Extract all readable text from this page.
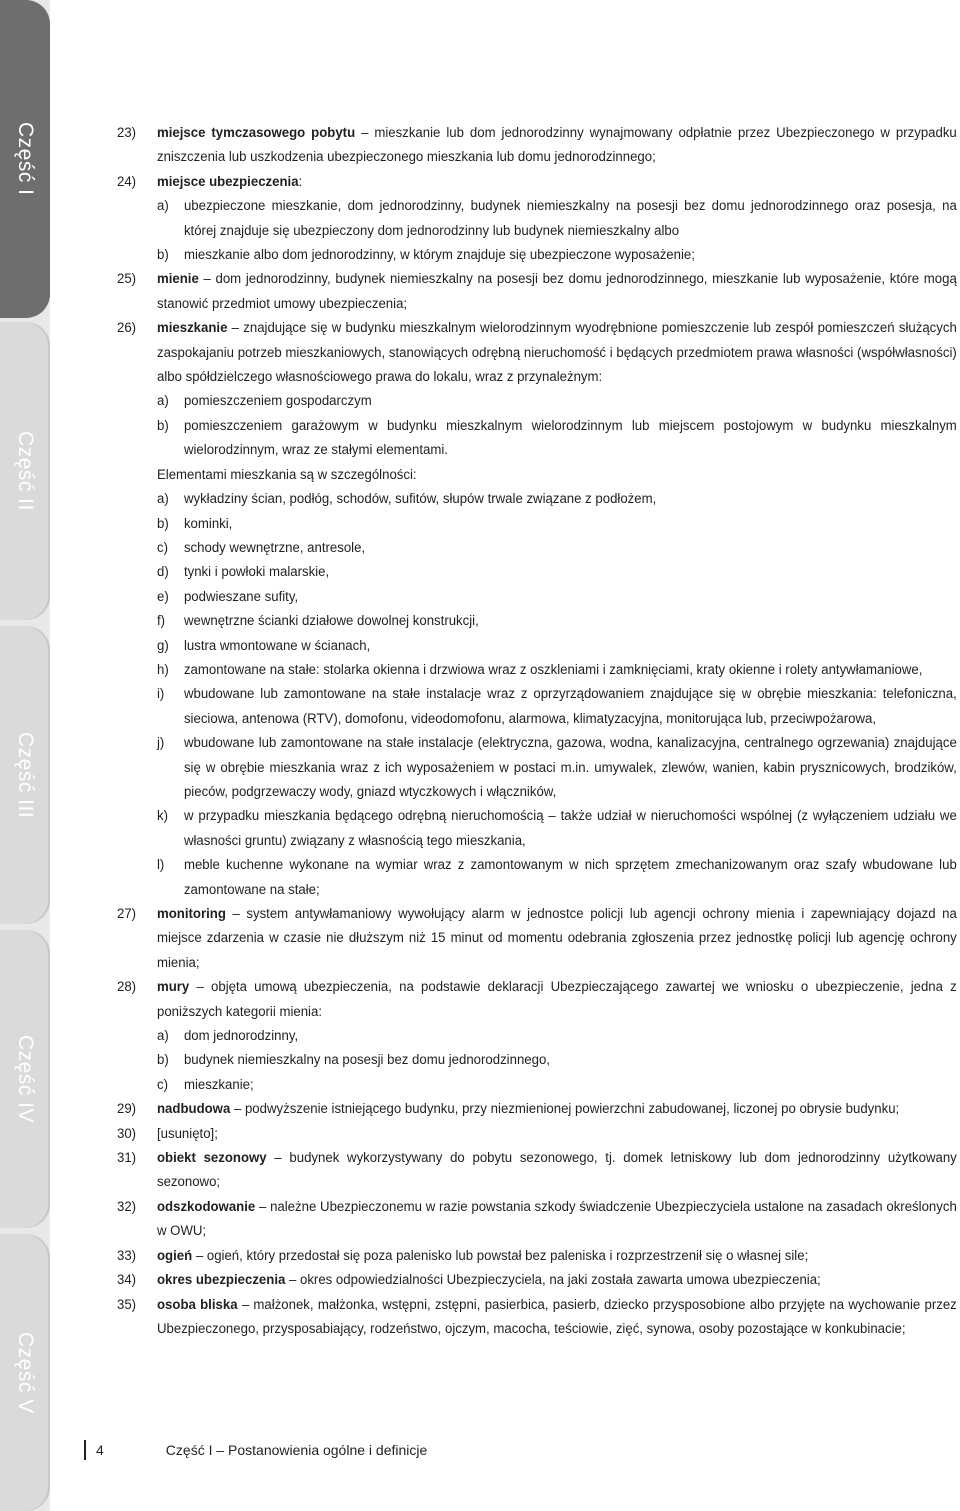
Część I
Część II
Część III
Część IV
Część V
23) miejsce tymczasowego pobytu – mieszkanie lub dom jednorodzinny wynajmowany odpłatnie przez Ubezpieczonego w przypadku zniszczenia lub uszkodzenia ubezpieczonego mieszkania lub domu jednorodzinnego;
24) miejsce ubezpieczenia:
a) ubezpieczone mieszkanie, dom jednorodzinny, budynek niemieszkalny na posesji bez domu jednorodzinnego oraz posesja, na której znajduje się ubezpieczony dom jednorodzinny lub budynek niemieszkalny albo
b) mieszkanie albo dom jednorodzinny, w którym znajduje się ubezpieczone wyposażenie;
25) mienie – dom jednorodzinny, budynek niemieszkalny na posesji bez domu jednorodzinnego, mieszkanie lub wyposażenie, które mogą stanowić przedmiot umowy ubezpieczenia;
26) mieszkanie – znajdujące się w budynku mieszkalnym wielorodzinnym wyodrębnione pomieszczenie lub zespół pomieszczeń służących zaspokajaniu potrzeb mieszkaniowych, stanowiących odrębną nieruchomość i będących przedmiotem prawa własności (współwłasności) albo spółdzielczego własnościowego prawa do lokalu, wraz z przynależnym:
a) pomieszczeniem gospodarczym
b) pomieszczeniem garażowym w budynku mieszkalnym wielorodzinnym lub miejscem postojowym w budynku mieszkalnym wielorodzinnym, wraz ze stałymi elementami.
Elementami mieszkania są w szczególności:
a) wykładziny ścian, podłóg, schodów, sufitów, słupów trwale związane z podłożem,
b) kominki,
c) schody wewnętrzne, antresole,
d) tynki i powłoki malarskie,
e) podwieszane sufity,
f) wewnętrzne ścianki działowe dowolnej konstrukcji,
g) lustra wmontowane w ścianach,
h) zamontowane na stałe: stolarka okienna i drzwiowa wraz z oszkleniami i zamknięciami, kraty okienne i rolety antywłamaniowe,
i) wbudowane lub zamontowane na stałe instalacje wraz z oprzyrządowaniem znajdujące się w obrębie mieszkania: telefoniczna, sieciowa, antenowa (RTV), domofonu, videodomofonu, alarmowa, klimatyzacyjna, monitorująca lub, przeciwpożarowa,
j) wbudowane lub zamontowane na stałe instalacje (elektryczna, gazowa, wodna, kanalizacyjna, centralnego ogrzewania) znajdujące się w obrębie mieszkania wraz z ich wyposażeniem w postaci m.in. umywalek, zlewów, wanien, kabin prysznicowych, brodzików, pieców, podgrzewaczy wody, gniazd wtyczkowych i włączników,
k) w przypadku mieszkania będącego odrębną nieruchomością – także udział w nieruchomości wspólnej (z wyłączeniem udziału we własności gruntu) związany z własnością tego mieszkania,
l) meble kuchenne wykonane na wymiar wraz z zamontowanym w nich sprzętem zmechanizowanym oraz szafy wbudowane lub zamontowane na stałe;
27) monitoring – system antywłamaniowy wywołujący alarm w jednostce policji lub agencji ochrony mienia i zapewniający dojazd na miejsce zdarzenia w czasie nie dłuższym niż 15 minut od momentu odebrania zgłoszenia przez jednostkę policji lub agencję ochrony mienia;
28) mury – objęta umową ubezpieczenia, na podstawie deklaracji Ubezpieczającego zawartej we wniosku o ubezpieczenie, jedna z poniższych kategorii mienia:
a) dom jednorodzinny,
b) budynek niemieszkalny na posesji bez domu jednorodzinnego,
c) mieszkanie;
29) nadbudowa – podwyższenie istniejącego budynku, przy niezmienionej powierzchni zabudowanej, liczonej po obrysie budynku;
30) [usunięto];
31) obiekt sezonowy – budynek wykorzystywany do pobytu sezonowego, tj. domek letniskowy lub dom jednorodzinny użytkowany sezonowo;
32) odszkodowanie – należne Ubezpieczonemu w razie powstania szkody świadczenie Ubezpieczyciela ustalone na zasadach określonych w OWU;
33) ogień – ogień, który przedostał się poza palenisko lub powstał bez paleniska i rozprzestrzenił się o własnej sile;
34) okres ubezpieczenia – okres odpowiedzialności Ubezpieczyciela, na jaki została zawarta umowa ubezpieczenia;
35) osoba bliska – małżonek, małżonka, wstępni, zstępni, pasierbica, pasierb, dziecko przysposobione albo przyjęte na wychowanie przez Ubezpieczonego, przysposabiający, rodzeństwo, ojczym, macocha, teściowie, zięć, synowa, osoby pozostające w konkubinacie;
4	Część I – Postanowienia ogólne i definicje
